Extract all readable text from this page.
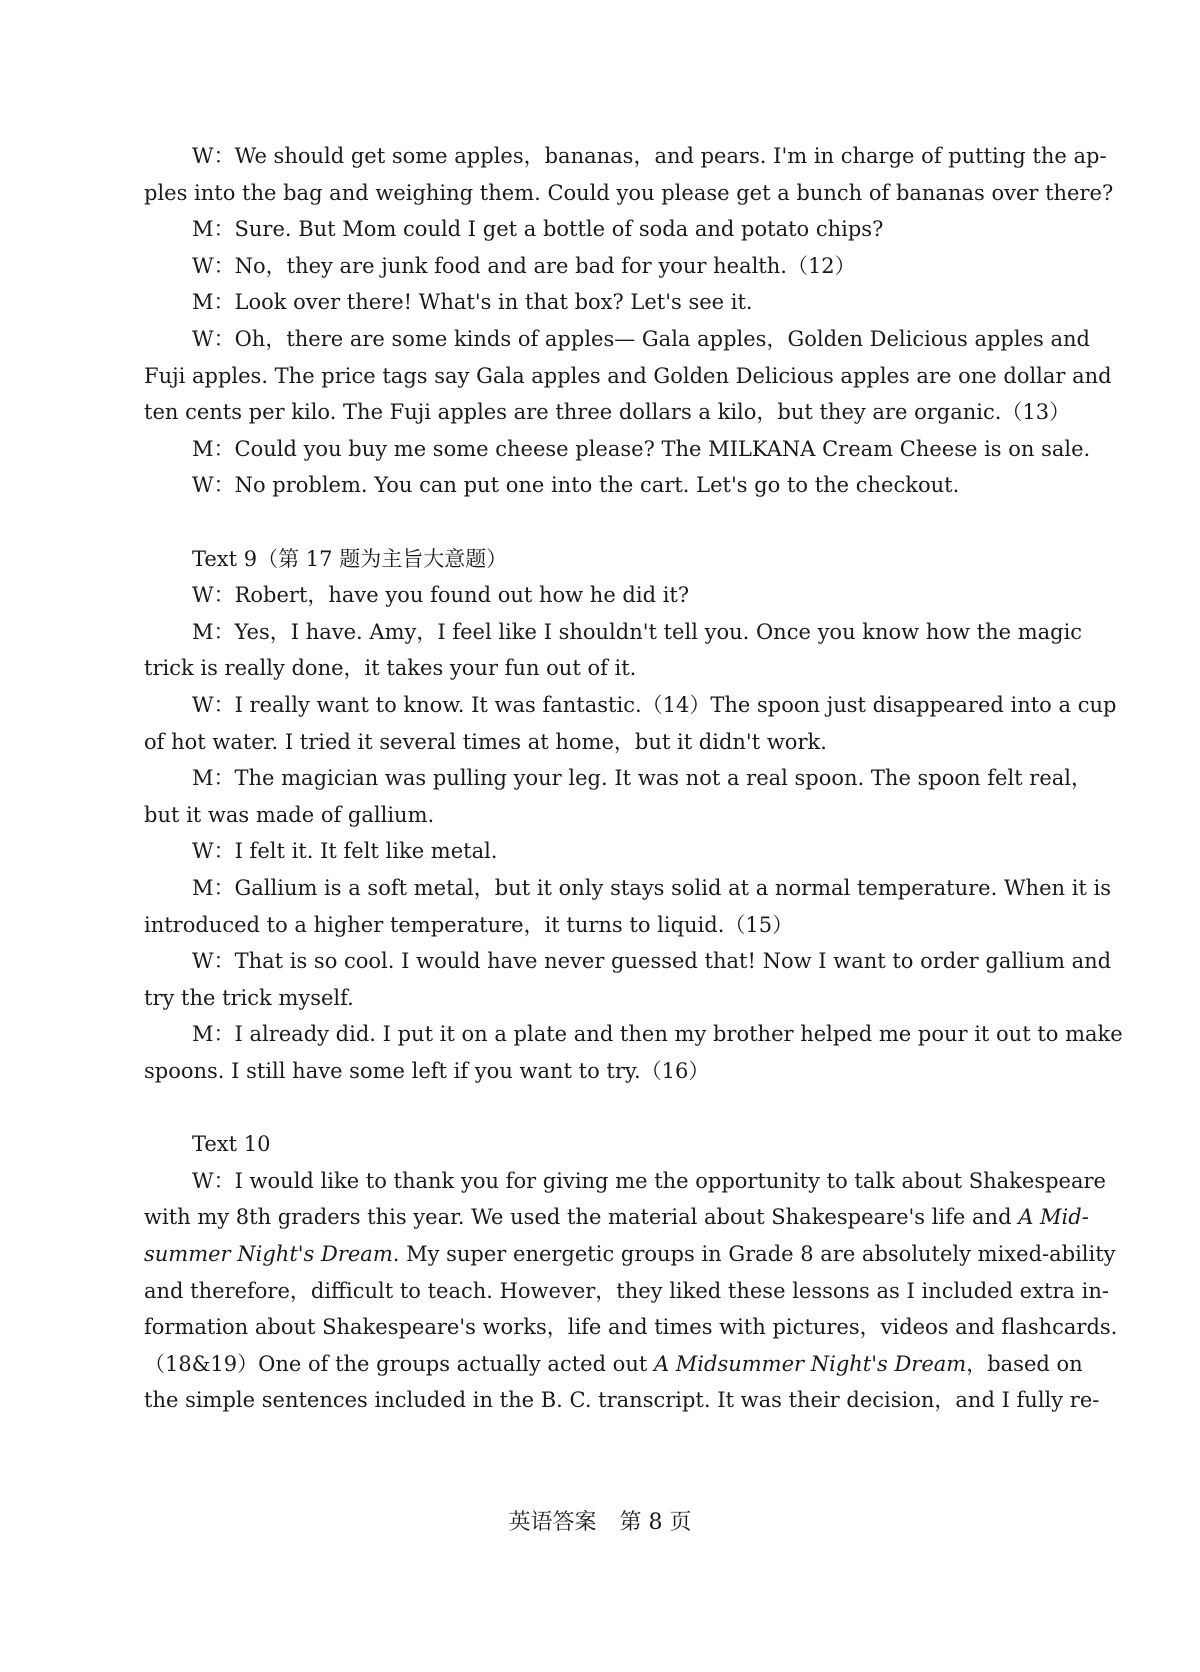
W：We should get some apples，bananas，and pears. I'm in charge of putting the ap-
ples into the bag and weighing them. Could you please get a bunch of bananas over there?
M：Sure. But Mom could I get a bottle of soda and potato chips?
W：No，they are junk food and are bad for your health.（12）
M：Look over there! What's in that box? Let's see it.
W：Oh，there are some kinds of apples— Gala apples，Golden Delicious apples and
Fuji apples. The price tags say Gala apples and Golden Delicious apples are one dollar and
ten cents per kilo. The Fuji apples are three dollars a kilo，but they are organic.（13）
M：Could you buy me some cheese please? The MILKANA Cream Cheese is on sale.
W：No problem. You can put one into the cart. Let's go to the checkout.
Text 9（第 17 题为主旨大意题）
W：Robert，have you found out how he did it?
M：Yes，I have. Amy，I feel like I shouldn't tell you. Once you know how the magic
trick is really done，it takes your fun out of it.
W：I really want to know. It was fantastic.（14）The spoon just disappeared into a cup
of hot water. I tried it several times at home，but it didn't work.
M：The magician was pulling your leg. It was not a real spoon. The spoon felt real，
but it was made of gallium.
W：I felt it. It felt like metal.
M：Gallium is a soft metal，but it only stays solid at a normal temperature. When it is
introduced to a higher temperature，it turns to liquid.（15）
W：That is so cool. I would have never guessed that! Now I want to order gallium and
try the trick myself.
M：I already did. I put it on a plate and then my brother helped me pour it out to make
spoons. I still have some left if you want to try.（16）
Text 10
W：I would like to thank you for giving me the opportunity to talk about Shakespeare
with my 8th graders this year. We used the material about Shakespeare's life and A Mid-
summer Night's Dream. My super energetic groups in Grade 8 are absolutely mixed-ability
and therefore，difficult to teach. However，they liked these lessons as I included extra in-
formation about Shakespeare's works，life and times with pictures，videos and flashcards.
（18&19）One of the groups actually acted out A Midsummer Night's Dream，based on
the simple sentences included in the B. C. transcript. It was their decision，and I fully re-
英语答案 第 8 页
